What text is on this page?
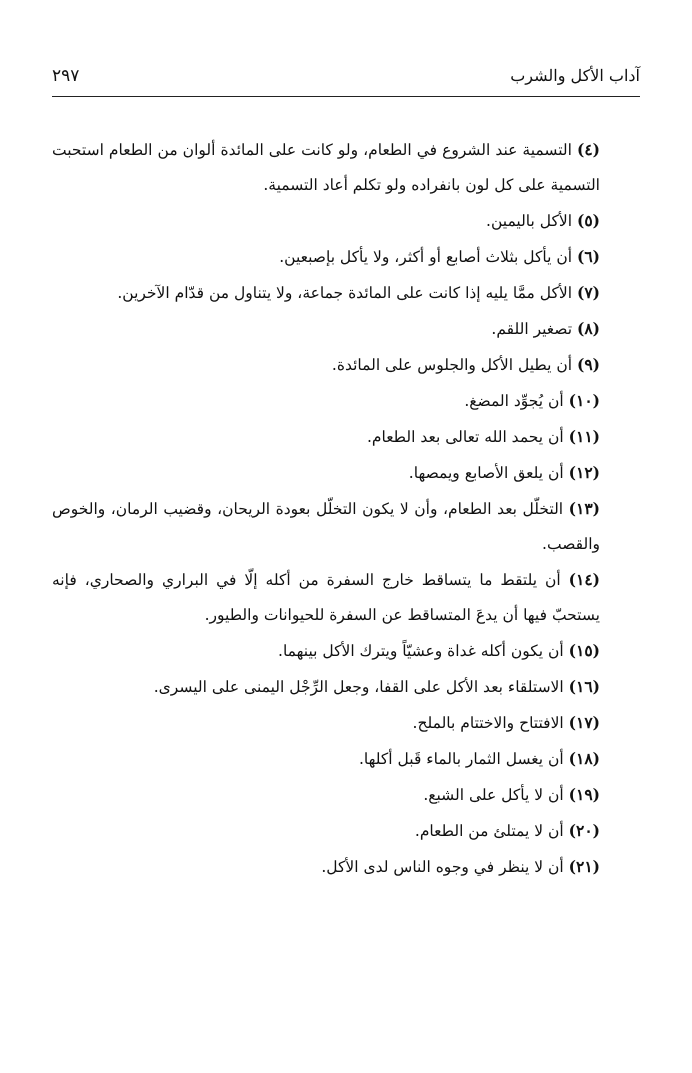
آداب الأكل والشرب
٢٩٧

(٤) التسمية عند الشروع في الطعام، ولو كانت على المائدة ألوان من الطعام استحبت التسمية على كل لون بانفراده ولو تكلم أعاد التسمية.

(٥) الأكل باليمين.

(٦) أن يأكل بثلاث أصابع أو أكثر، ولا يأكل بإصبعين.

(٧) الأكل ممَّا يليه إذا كانت على المائدة جماعة، ولا يتناول من قدّام الآخرين.

(٨) تصغير اللقم.

(٩) أن يطيل الأكل والجلوس على المائدة.

(١٠) أن يُجوِّد المضغ.

(١١) أن يحمد الله تعالى بعد الطعام.

(١٢) أن يلعق الأصابع ويمصها.

(١٣) التخلّل بعد الطعام، وأن لا يكون التخلّل بعودة الريحان، وقضيب الرمان، والخوص والقصب.

(١٤) أن يلتقط ما يتساقط خارج السفرة من أكله إلّا في البراري والصحاري، فإنه يستحبّ فيها أن يدعَ المتساقط عن السفرة للحيوانات والطيور.

(١٥) أن يكون أكله غداة وعشيّاً ويترك الأكل بينهما.

(١٦) الاستلقاء بعد الأكل على القفا، وجعل الرِّجْل اليمنى على اليسرى.

(١٧) الافتتاح والاختتام بالملح.

(١٨) أن يغسل الثمار بالماء قَبل أكلها.

(١٩) أن لا يأكل على الشبع.

(٢٠) أن لا يمتلئ من الطعام.

(٢١) أن لا ينظر في وجوه الناس لدى الأكل.
